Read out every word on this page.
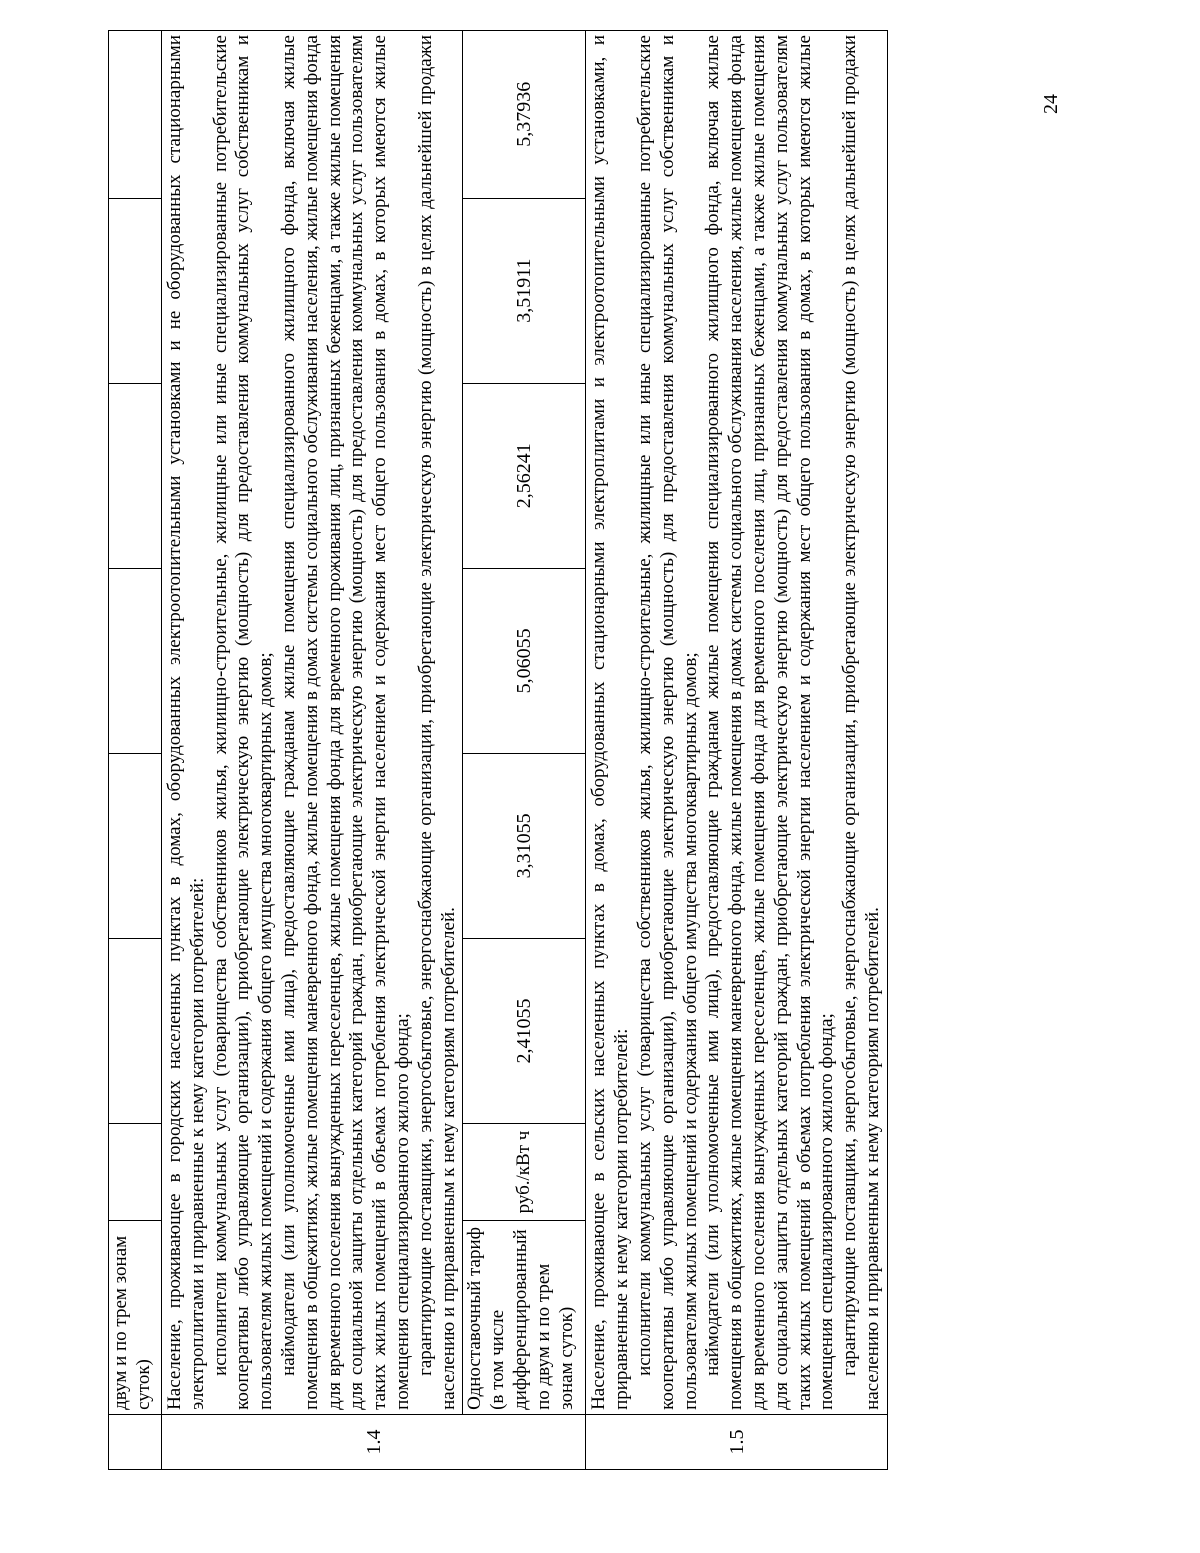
	двум и по трем зонам суток)							
1.4	Население, проживающее в городских населенных пунктах в домах, оборудованных электроотопительными установками и не оборудованных стационарными электроплитами и приравненные к нему категории потребителей: исполнители коммунальных услуг (товарищества собственников жилья, жилищно-строительные, жилищные или иные специализированные потребительские кооперативы либо управляющие организации), приобретающие электрическую энергию (мощность) для предоставления коммунальных услуг собственникам и пользователям жилых помещений и содержания общего имущества многоквартирных домов; наймодатели (или уполномоченные ими лица), предоставляющие гражданам жилые помещения специализированного жилищного фонда, включая жилые помещения в общежитиях, жилые помещения маневренного фонда, жилые помещения в домах системы социального обслуживания населения, жилые помещения фонда для временного поселения вынужденных переселенцев, жилые помещения фонда для временного проживания лиц, признанных беженцами, а также жилые помещения для социальной защиты отдельных категорий граждан, приобретающие электрическую энергию (мощность) для предоставления коммунальных услуг пользователям таких жилых помещений в объемах потребления электрической энергии населением и содержания мест общего пользования в домах, в которых имеются жилые помещения специализированного жилого фонда; гарантирующие поставщики, энергосбытовые, энергоснабжающие организации, приобретающие электрическую энергию (мощность) в целях дальнейшей продажи населению и приравненным к нему категориям потребителей.							

	Одноставочный тариф (в том числе дифференцированный по двум и по трем зонам суток)	руб./кВт ч	2,41055	3,31055	5,06055	2,56241	3,51911	5,37936
1.5	Население, проживающее в сельских населенных пунктах в домах, оборудованных стационарными электроплитами и электроотопительными установками, и приравненные к нему категории потребителей: исполнители коммунальных услуг (товарищества собственников жилья, жилищно-строительные, жилищные или иные специализированные потребительские кооперативы либо управляющие организации), приобретающие электрическую энергию (мощность) для предоставления коммунальных услуг собственникам и пользователям жилых помещений и содержания общего имущества многоквартирных домов; наймодатели (или уполномоченные ими лица), предоставляющие гражданам жилые помещения специализированного жилищного фонда, включая жилые помещения в общежитиях, жилые помещения маневренного фонда, жилые помещения в домах системы социального обслуживания населения, жилые помещения фонда для временного поселения вынужденных переселенцев, жилые помещения фонда для временного поселения лиц, признанных беженцами, а также жилые помещения для социальной защиты отдельных категорий граждан, приобретающие электрическую энергию (мощность) для предоставления коммунальных услуг пользователям таких жилых помещений в объемах потребления электрической энергии населением и содержания мест общего пользования в домах, в которых имеются жилые помещения специализированного жилого фонда; гарантирующие поставщики, энергосбытовые, энергоснабжающие организации, приобретающие электрическую энергию (мощность) в целях дальнейшей продажи населению и приравненным к нему категориям потребителей.							

24
